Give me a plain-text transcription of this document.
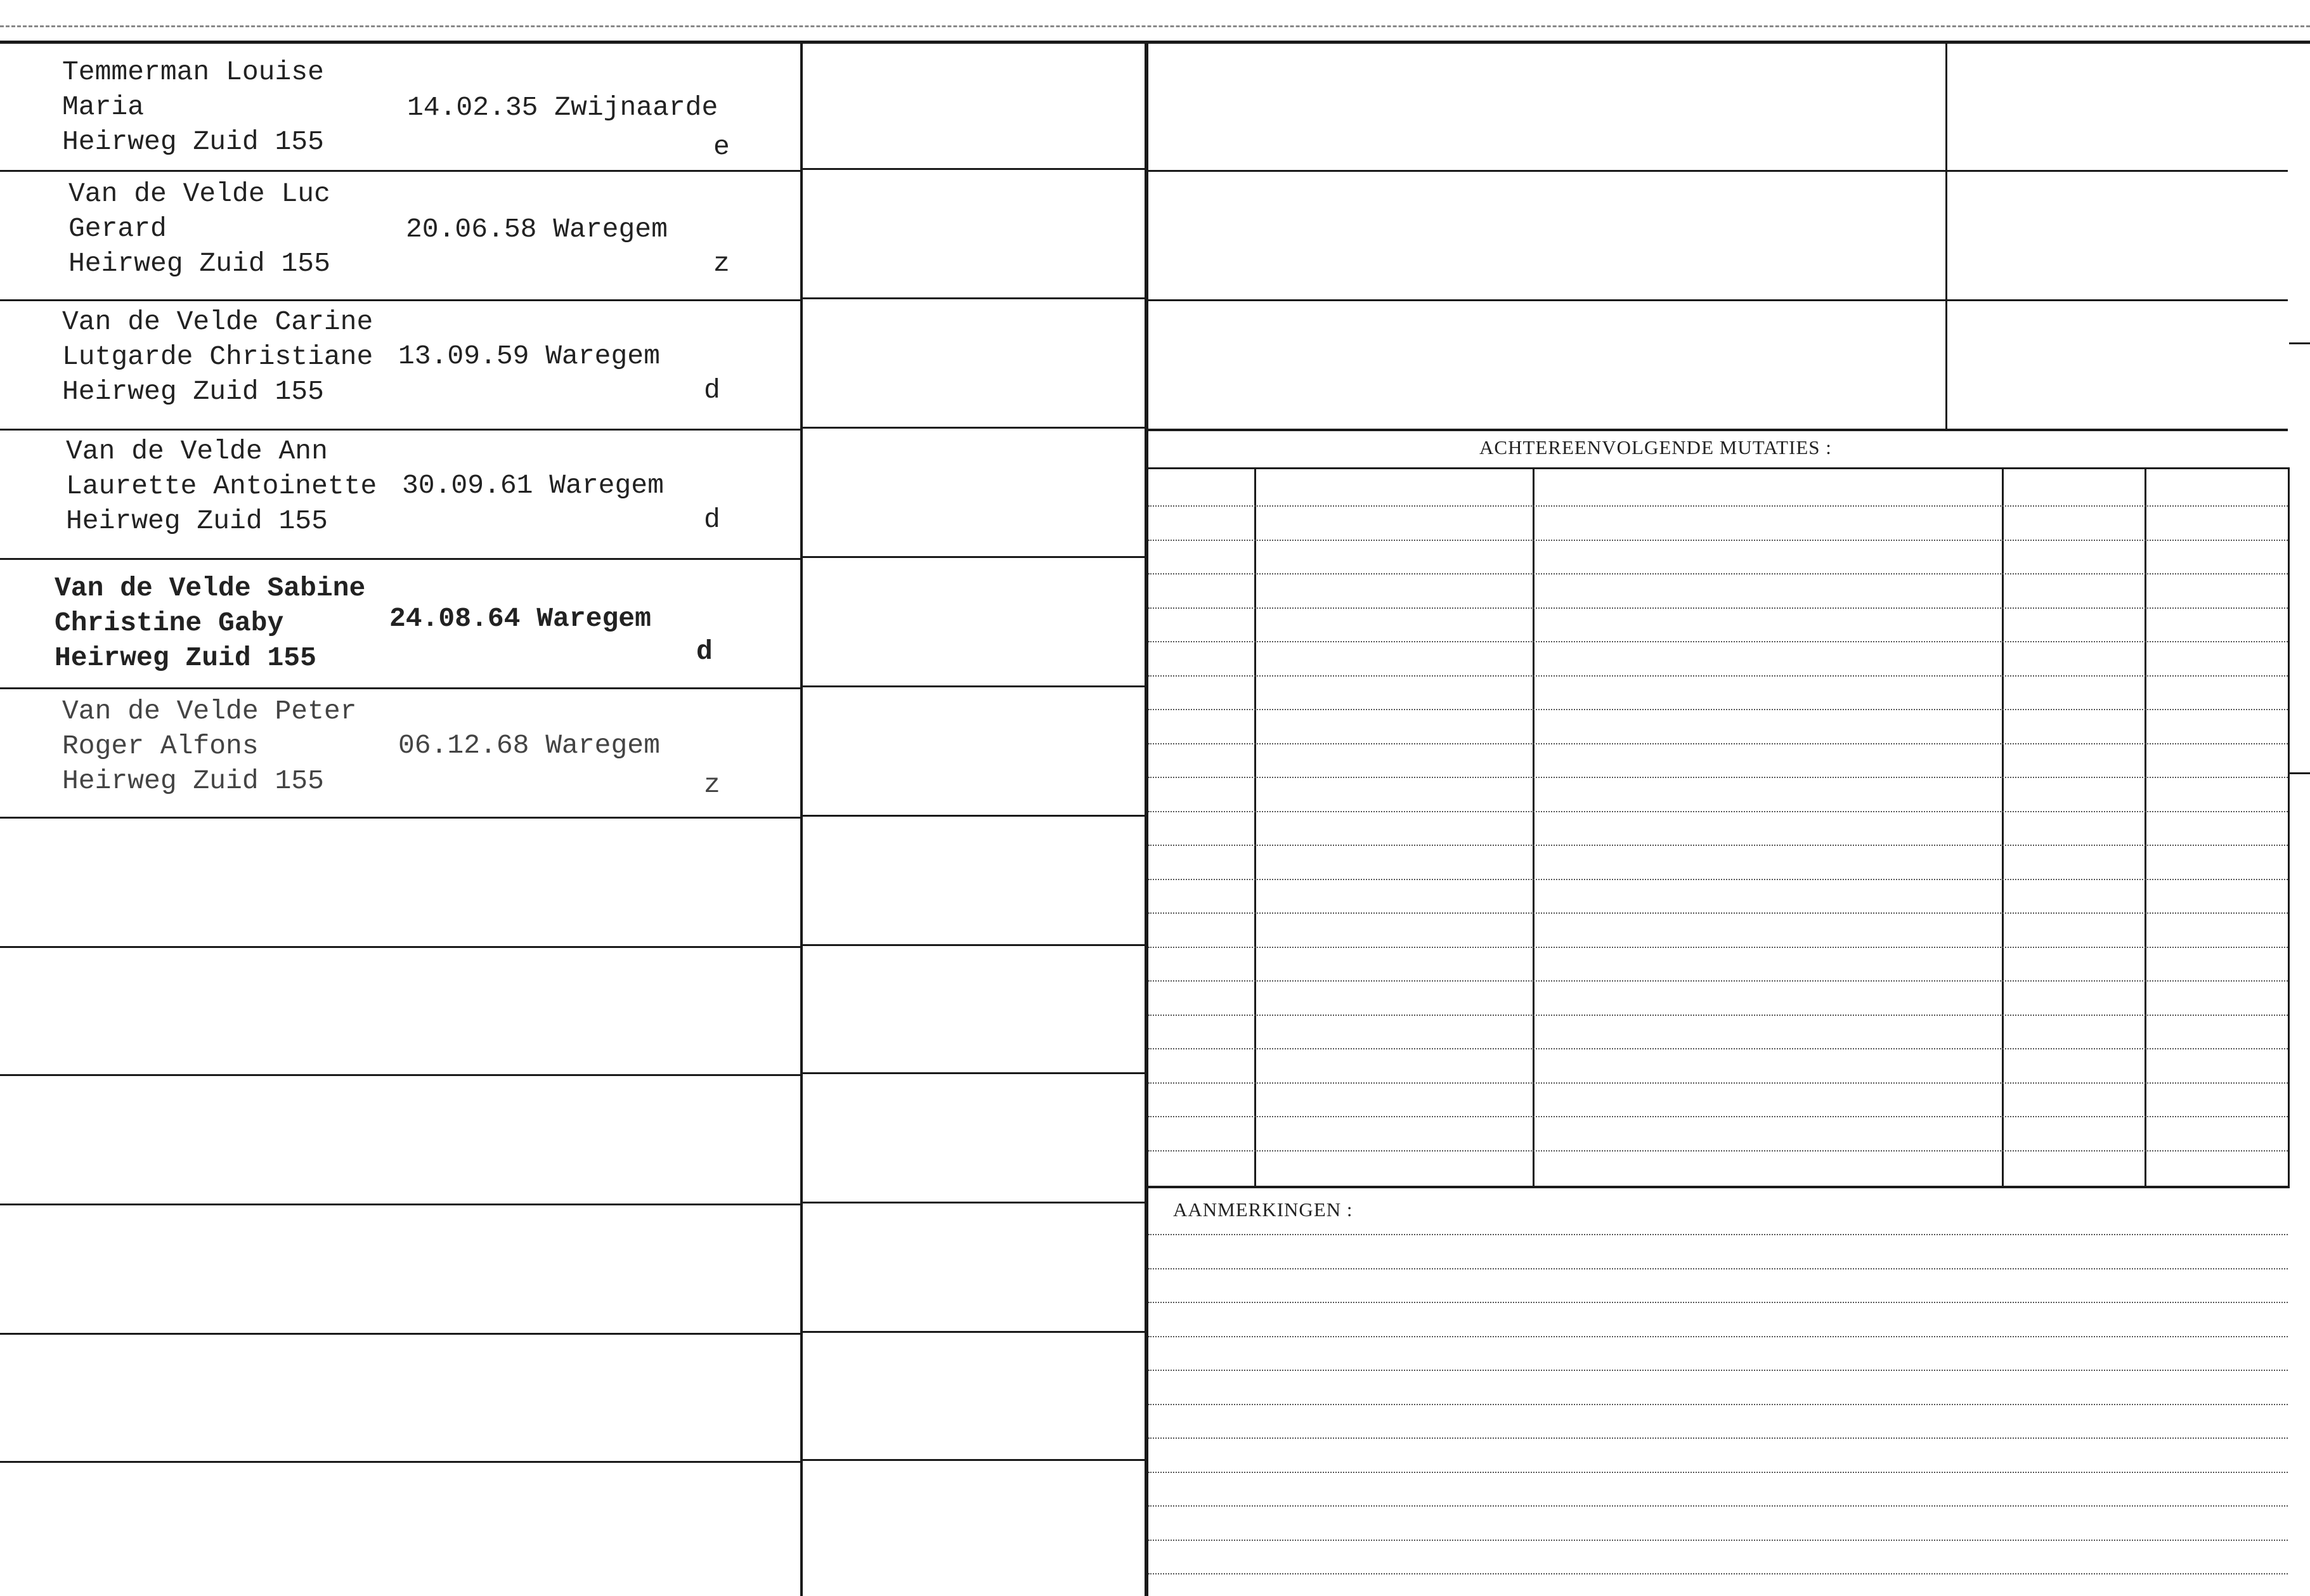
ACHTEREENVOLGENDE MUTATIES :
AANMERKINGEN :
Temmerman Louise
Maria
Heirweg Zuid 155
14.02.35 Zwijnaarde
e
Van de Velde Luc
Gerard
Heirweg Zuid 155
20.06.58 Waregem
z
Van de Velde Carine
Lutgarde Christiane
Heirweg Zuid 155
13.09.59 Waregem
d
Van de Velde Ann
Laurette Antoinette
Heirweg Zuid 155
30.09.61 Waregem
d
Van de Velde Sabine
Christine Gaby
Heirweg Zuid 155
24.08.64 Waregem
d
Van de Velde Peter
Roger Alfons
Heirweg Zuid 155
06.12.68 Waregem
z
